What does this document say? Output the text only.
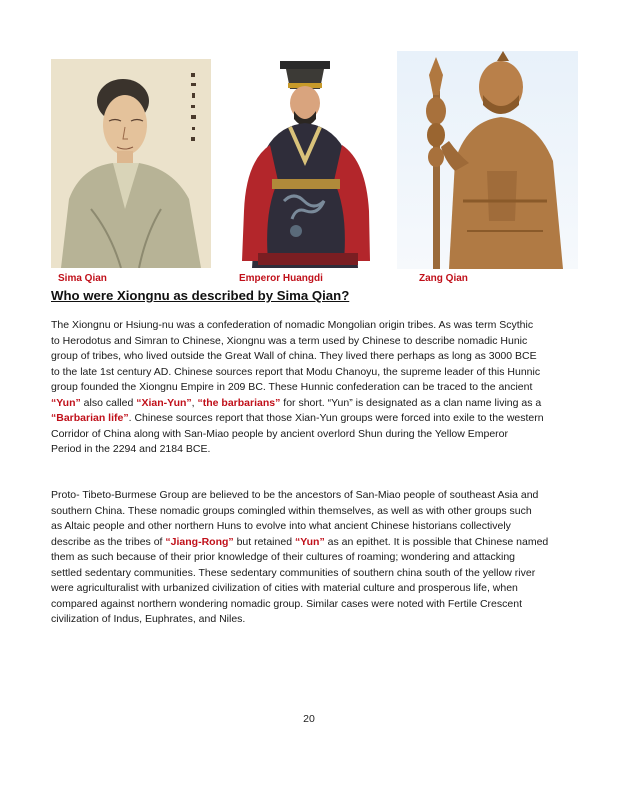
Sima Qian	Emperor Huangdi	Zang Qian
Who were Xiongnu as described by Sima Qian?
The Xiongnu or Hsiung-nu was a confederation of nomadic Mongolian origin tribes. As was term Scythic
to Herodotus and Simran to Chinese, Xiongnu was a term used by Chinese to describe nomadic Hunic
group of tribes, who lived outside the Great Wall of china. They lived there perhaps as long as 3000 BCE
to the late 1st century AD. Chinese sources report that Modu Chanoyu, the supreme leader of this Hunnic
group founded the Xiongnu Empire in 209 BC. These Hunnic confederation can be traced to the ancient
“Yun” also called “Xian-Yun”, “the barbarians” for short. “Yun” is designated as a clan name living as a
“Barbarian life”. Chinese sources report that those Xian-Yun groups were forced into exile to the western
Corridor of China along with San-Miao people by ancient overlord Shun during the Yellow Emperor
Period in the 2294 and 2184 BCE.
Proto- Tibeto-Burmese Group are believed to be the ancestors of San-Miao people of southeast Asia and
southern China. These nomadic groups comingled within themselves, as well as with other groups such
as Altaic people and other northern Huns to evolve into what ancient Chinese historians collectively
describe as the tribes of “Jiang-Rong” but retained “Yun” as an epithet. It is possible that Chinese named
them as such because of their prior knowledge of their cultures of roaming; wondering and attacking
settled sedentary communities. These sedentary communities of southern china south of the yellow river
were agriculturalist with urbanized civilization of cities with material culture and prosperous life, when
compared against northern wondering nomadic group. Similar cases were noted with Fertile Crescent
civilization of Indus, Euphrates, and Niles.
20
